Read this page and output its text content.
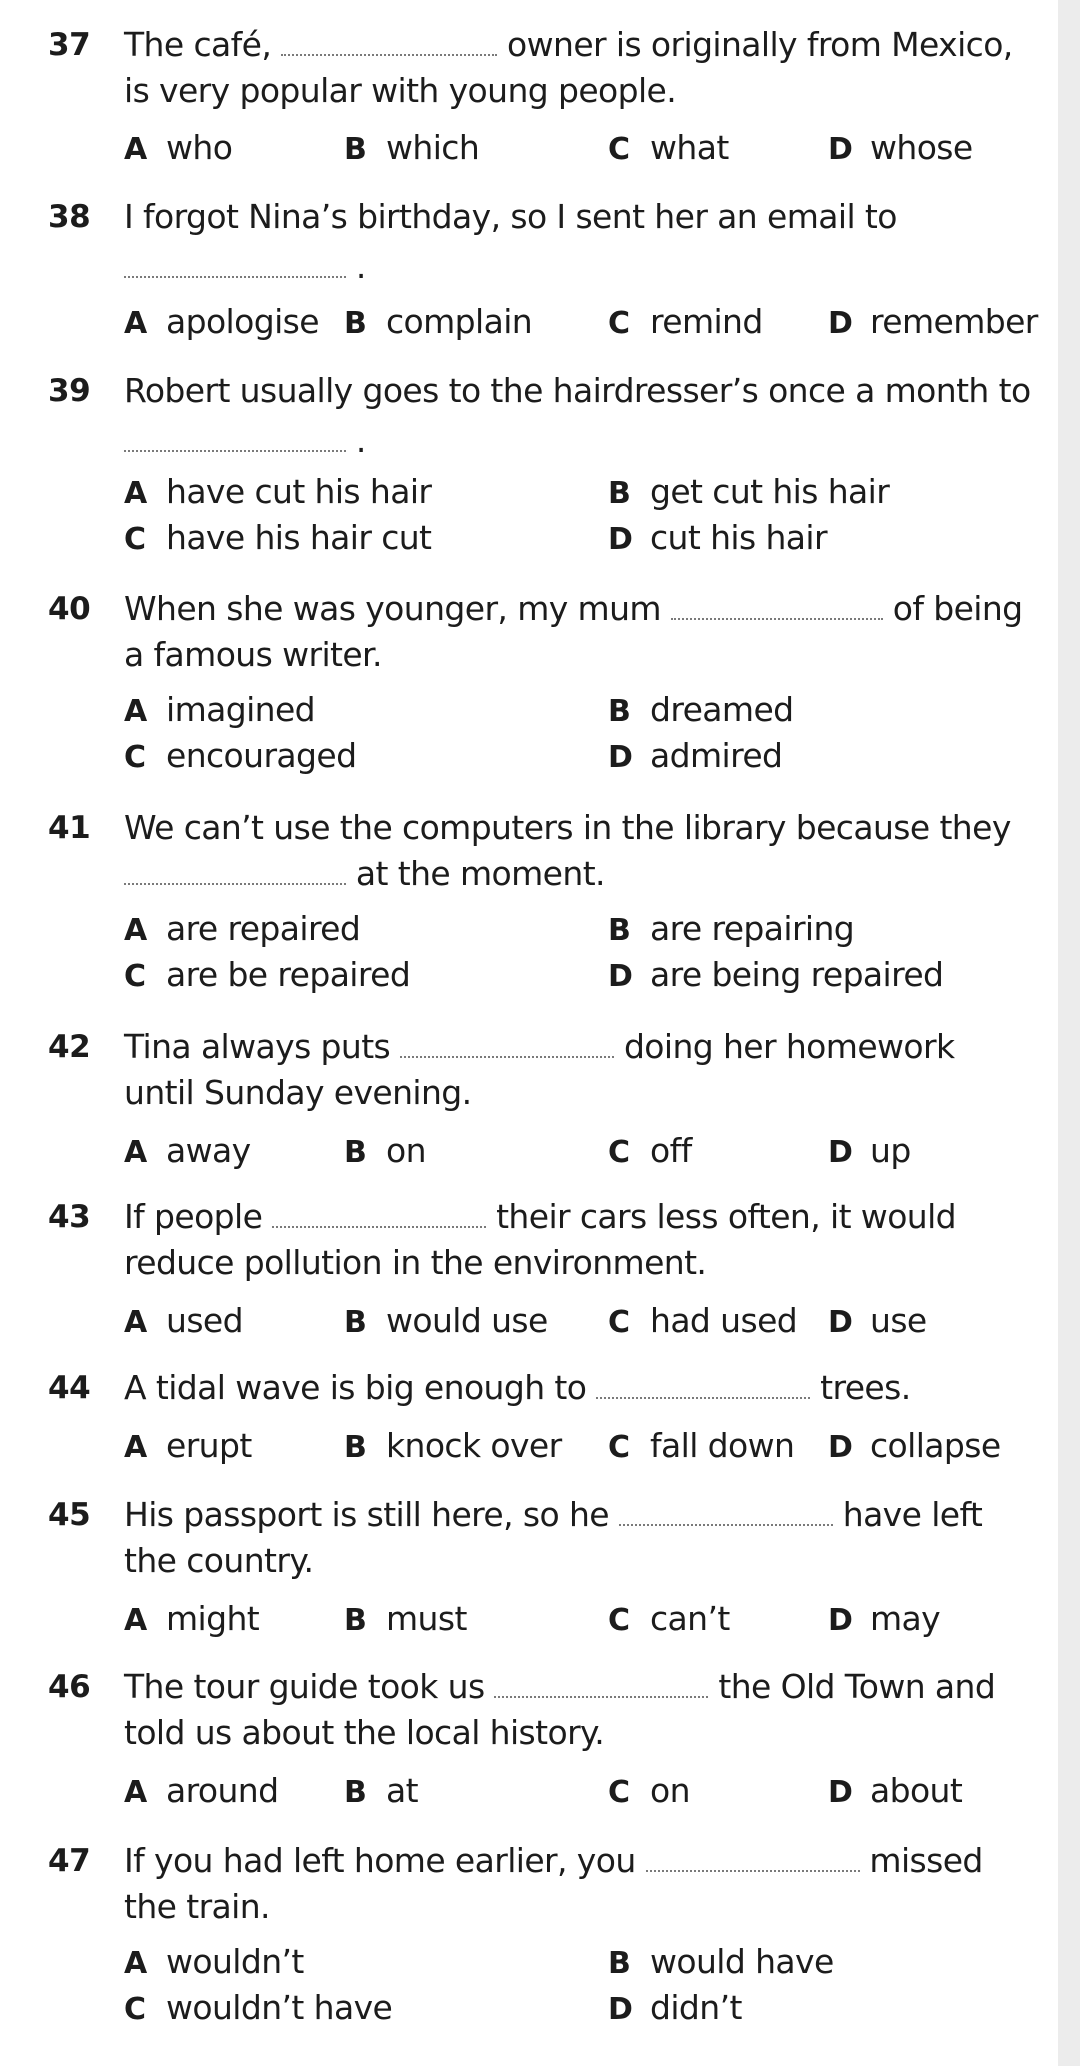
37 The café,	owner is originally from Mexico,
is very popular with young people.
A who	B which	C what	D whose
38 I forgot Nina’s birthday, so I sent her an email to
.
A apologise B complain	C remind D remember
39 Robert usually goes to the hairdresser’s once a month to
.
A have cut his hair	B get cut his hair
C have his hair cut	D cut his hair
40 When she was younger, my mum	of being
a famous writer.
A imagined	B dreamed
C encouraged	D admired
41 We can’t use the computers in the library because they
at the moment.
A are repaired	B are repairing
C are be repaired	D are being repaired
42 Tina always puts	doing her homework
until Sunday evening.
A away	B on	C off	D up
43 If people	their cars less often, it would
reduce pollution in the environment.
A used	B would use C had used D use
44 A tidal wave is big enough to	trees.
A erupt	B knock over C fall down D collapse
45 His passport is still here, so he	have left
the country.
A might	B must	C can’t	D may
46 The tour guide took us	the Old Town and
told us about the local history.
A around B at	C on	D about
47 If you had left home earlier, you	missed
the train.
A wouldn’t	B would have
C wouldn’t have	D didn’t
